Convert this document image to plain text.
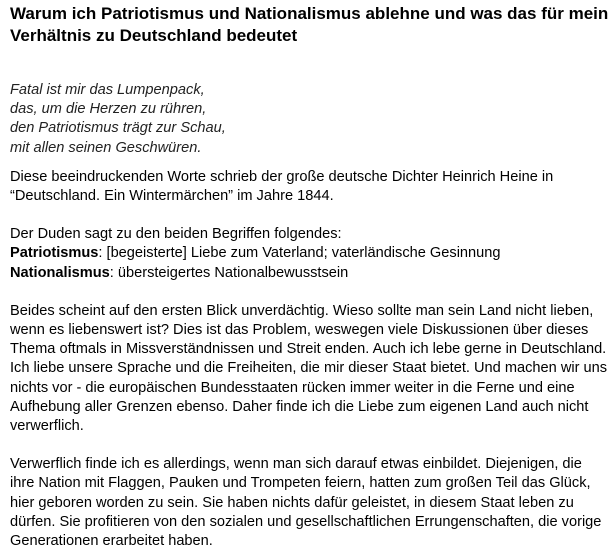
Warum ich Patriotismus und Nationalismus ablehne und was das für mein Verhältnis zu Deutschland bedeutet
Fatal ist mir das Lumpenpack,
das, um die Herzen zu rühren,
den Patriotismus trägt zur Schau,
mit allen seinen Geschwüren.

Diese beeindruckenden Worte schrieb der große deutsche Dichter Heinrich Heine in “Deutschland. Ein Wintermärchen” im Jahre 1844.

Der Duden sagt zu den beiden Begriffen folgendes:

Patriotismus: [begeisterte] Liebe zum Vaterland; vaterländische Gesinnung
Nationalismus: übersteigertes Nationalbewusstsein

Beides scheint auf den ersten Blick unverdächtig. Wieso sollte man sein Land nicht lieben, wenn es liebenswert ist? Dies ist das Problem, weswegen viele Diskussionen über dieses Thema oftmals in Missverständnissen und Streit enden. Auch ich lebe gerne in Deutschland. Ich liebe unsere Sprache und die Freiheiten, die mir dieser Staat bietet. Und machen wir uns nichts vor - die europäischen Bundesstaaten rücken immer weiter in die Ferne und eine Aufhebung aller Grenzen ebenso. Daher finde ich die Liebe zum eigenen Land auch nicht verwerflich.

Verwerflich finde ich es allerdings, wenn man sich darauf etwas einbildet. Diejenigen, die ihre Nation mit Flaggen, Pauken und Trompeten feiern, hatten zum großen Teil das Glück, hier geboren worden zu sein. Sie haben nichts dafür geleistet, in diesem Staat leben zu dürfen. Sie profitieren von den sozialen und gesellschaftlichen Errungenschaften, die vorige Generationen erarbeitet haben.
